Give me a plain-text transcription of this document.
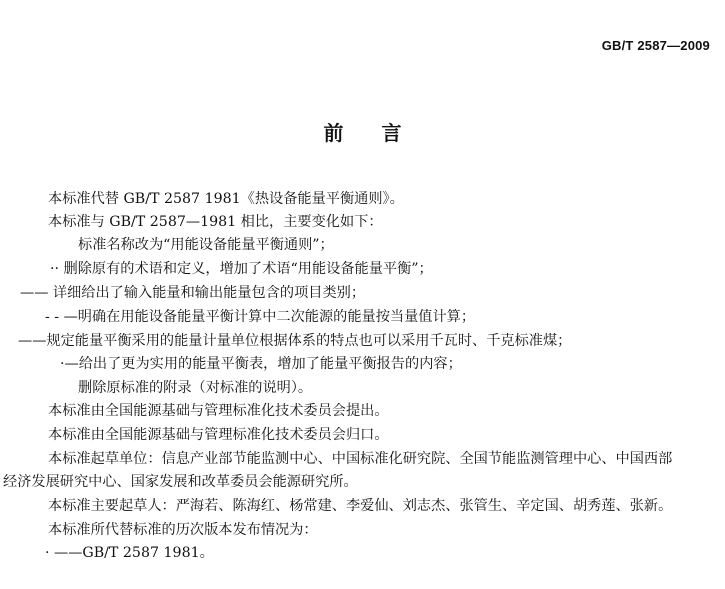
GB/T 2587—2009
前言
本标准代替 GB/T 2587 1981《热设备能量平衡通则》。
本标准与 GB/T 2587—1981 相比，主要变化如下：
标准名称改为“用能设备能量平衡通则”；
·· 删除原有的术语和定义，增加了术语“用能设备能量平衡”；
—— 详细给出了输入能量和输出能量包含的项目类别；
- - —明确在用能设备能量平衡计算中二次能源的能量按当量值计算；
——规定能量平衡采用的能量计量单位根据体系的特点也可以采用千瓦时、千克标准煤；
·—给出了更为实用的能量平衡表，增加了能量平衡报告的内容；
删除原标准的附录（对标准的说明）。
本标准由全国能源基础与管理标准化技术委员会提出。
本标准由全国能源基础与管理标准化技术委员会归口。
本标准起草单位：信息产业部节能监测中心、中国标准化研究院、全国节能监测管理中心、中国西部
经济发展研究中心、国家发展和改革委员会能源研究所。
本标准主要起草人：严海若、陈海红、杨常建、李爱仙、刘志杰、张管生、辛定国、胡秀莲、张新。
本标准所代替标准的历次版本发布情况为：
· ——GB/T 2587 1981。
